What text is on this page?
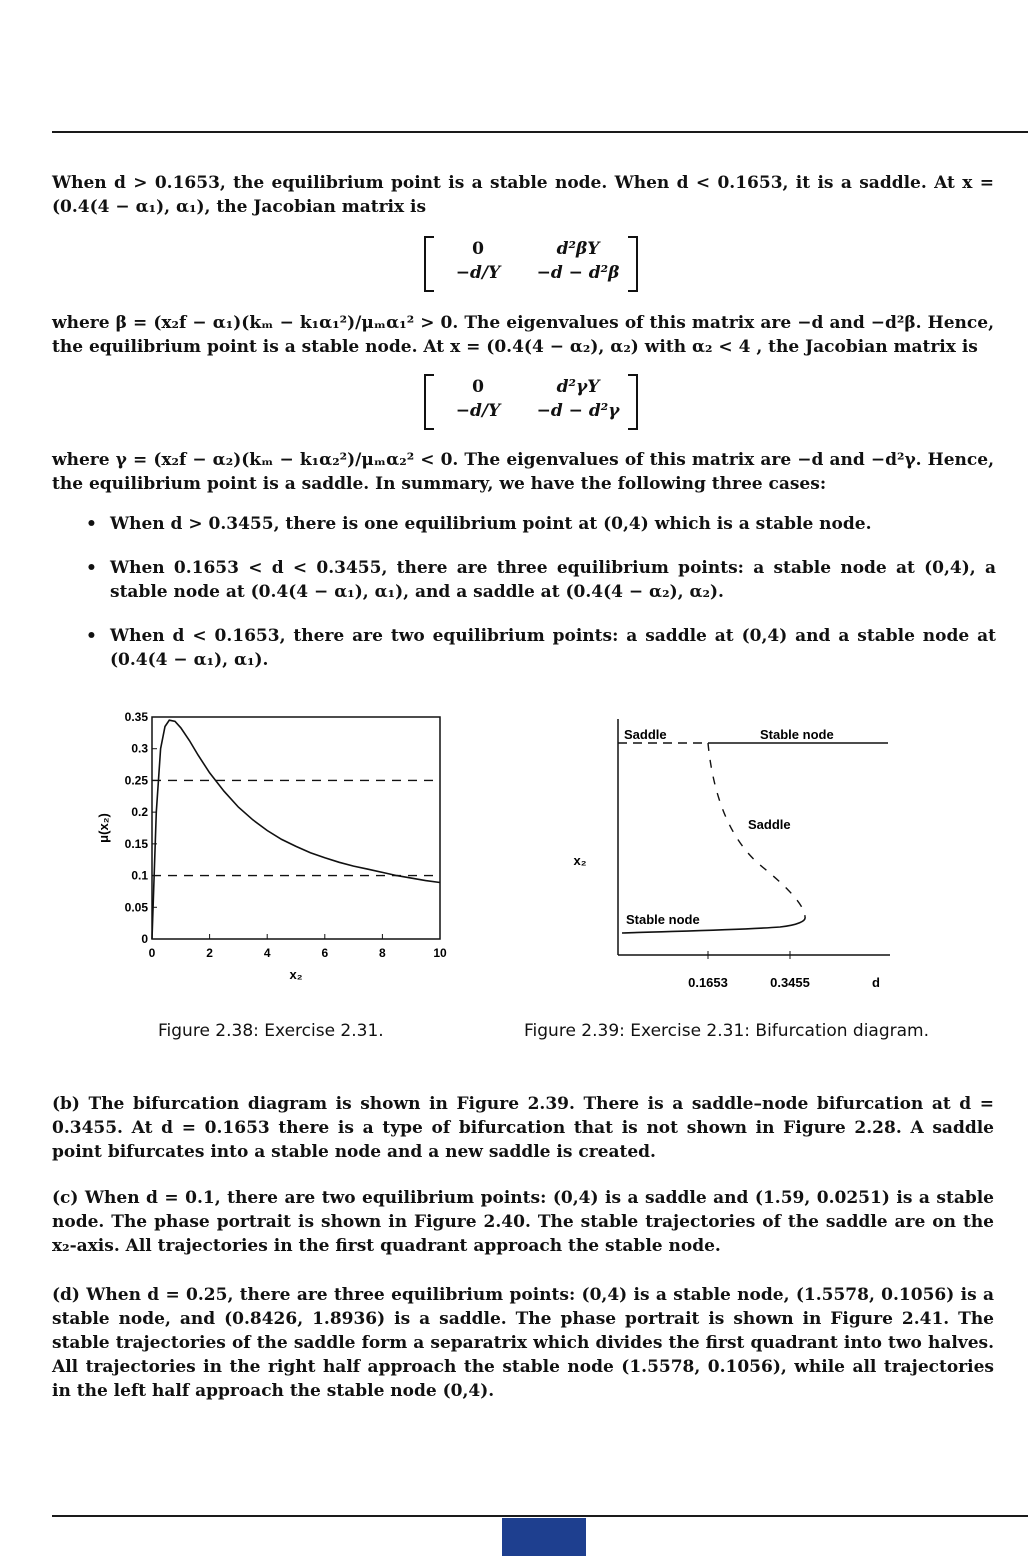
When d > 0.1653, the equilibrium point is a stable node. When d < 0.1653, it is a saddle. At x = (0.4(4 − α₁), α₁), the Jacobian matrix is
0	d²βY
−d/Y	−d − d²β
where β = (x₂f − α₁)(kₘ − k₁α₁²)/μₘα₁² > 0. The eigenvalues of this matrix are −d and −d²β. Hence, the equilibrium point is a stable node. At x = (0.4(4 − α₂), α₂) with α₂ < 4 , the Jacobian matrix is
0	d²γY
−d/Y	−d − d²γ
where γ = (x₂f − α₂)(kₘ − k₁α₂²)/μₘα₂² < 0. The eigenvalues of this matrix are −d and −d²γ. Hence, the equilibrium point is a saddle. In summary, we have the following three cases:
• When d > 0.3455, there is one equilibrium point at (0,4) which is a stable node.
• When 0.1653 < d < 0.3455, there are three equilibrium points: a stable node at (0,4), a stable node at (0.4(4 − α₁), α₁), and a saddle at (0.4(4 − α₂), α₂).
• When d < 0.1653, there are two equilibrium points: a saddle at (0,4) and a stable node at (0.4(4 − α₁), α₁).
0	2	4	6	8	10
0
0.05
0.1
0.15
0.2
0.25
0.3
0.35
x₂
μ(x₂)
0.1653	0.3455	d
x₂
Saddle	Stable node
Saddle
Stable node
Figure 2.38: Exercise 2.31.	Figure 2.39: Exercise 2.31: Bifurcation diagram.
(b) The bifurcation diagram is shown in Figure 2.39. There is a saddle–node bifurcation at d = 0.3455. At d = 0.1653 there is a type of bifurcation that is not shown in Figure 2.28. A saddle point bifurcates into a stable node and a new saddle is created.
(c) When d = 0.1, there are two equilibrium points: (0,4) is a saddle and (1.59, 0.0251) is a stable node. The phase portrait is shown in Figure 2.40. The stable trajectories of the saddle are on the x₂-axis. All trajectories in the first quadrant approach the stable node.
(d) When d = 0.25, there are three equilibrium points: (0,4) is a stable node, (1.5578, 0.1056) is a stable node, and (0.8426, 1.8936) is a saddle. The phase portrait is shown in Figure 2.41. The stable trajectories of the saddle form a separatrix which divides the first quadrant into two halves. All trajectories in the right half approach the stable node (1.5578, 0.1056), while all trajectories in the left half approach the stable node (0,4).
